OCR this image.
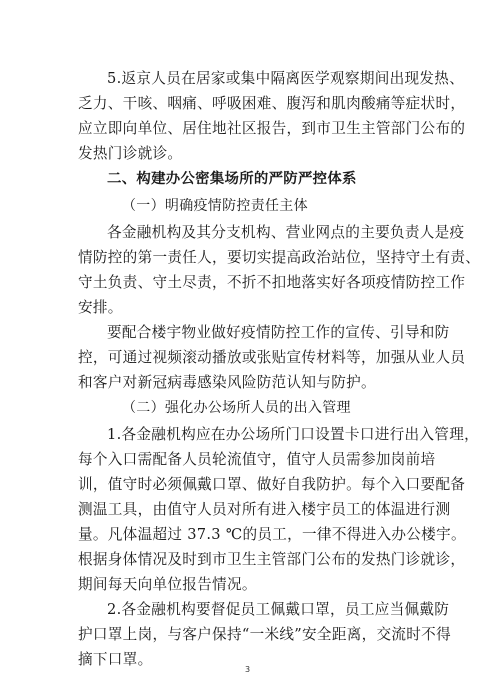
5.返京人员在居家或集中隔离医学观察期间出现发热、
乏力、干咳、咽痛、呼吸困难、腹泻和肌肉酸痛等症状时，
应立即向单位、居住地社区报告，到市卫生主管部门公布的
发热门诊就诊。
二、构建办公密集场所的严防严控体系
（一）明确疫情防控责任主体
各金融机构及其分支机构、营业网点的主要负责人是疫
情防控的第一责任人，要切实提高政治站位，坚持守土有责、
守土负责、守土尽责，不折不扣地落实好各项疫情防控工作
安排。
要配合楼宇物业做好疫情防控工作的宣传、引导和防
控，可通过视频滚动播放或张贴宣传材料等，加强从业人员
和客户对新冠病毒感染风险防范认知与防护。
（二）强化办公场所人员的出入管理
1.各金融机构应在办公场所门口设置卡口进行出入管理，
每个入口需配备人员轮流值守，值守人员需参加岗前培
训，值守时必须佩戴口罩、做好自我防护。每个入口要配备
测温工具，由值守人员对所有进入楼宇员工的体温进行测
量。凡体温超过 37.3 ℃的员工，一律不得进入办公楼宇。
根据身体情况及时到市卫生主管部门公布的发热门诊就诊，
期间每天向单位报告情况。
2.各金融机构要督促员工佩戴口罩，员工应当佩戴防
护口罩上岗，与客户保持“一米线”安全距离，交流时不得
摘下口罩。
3
